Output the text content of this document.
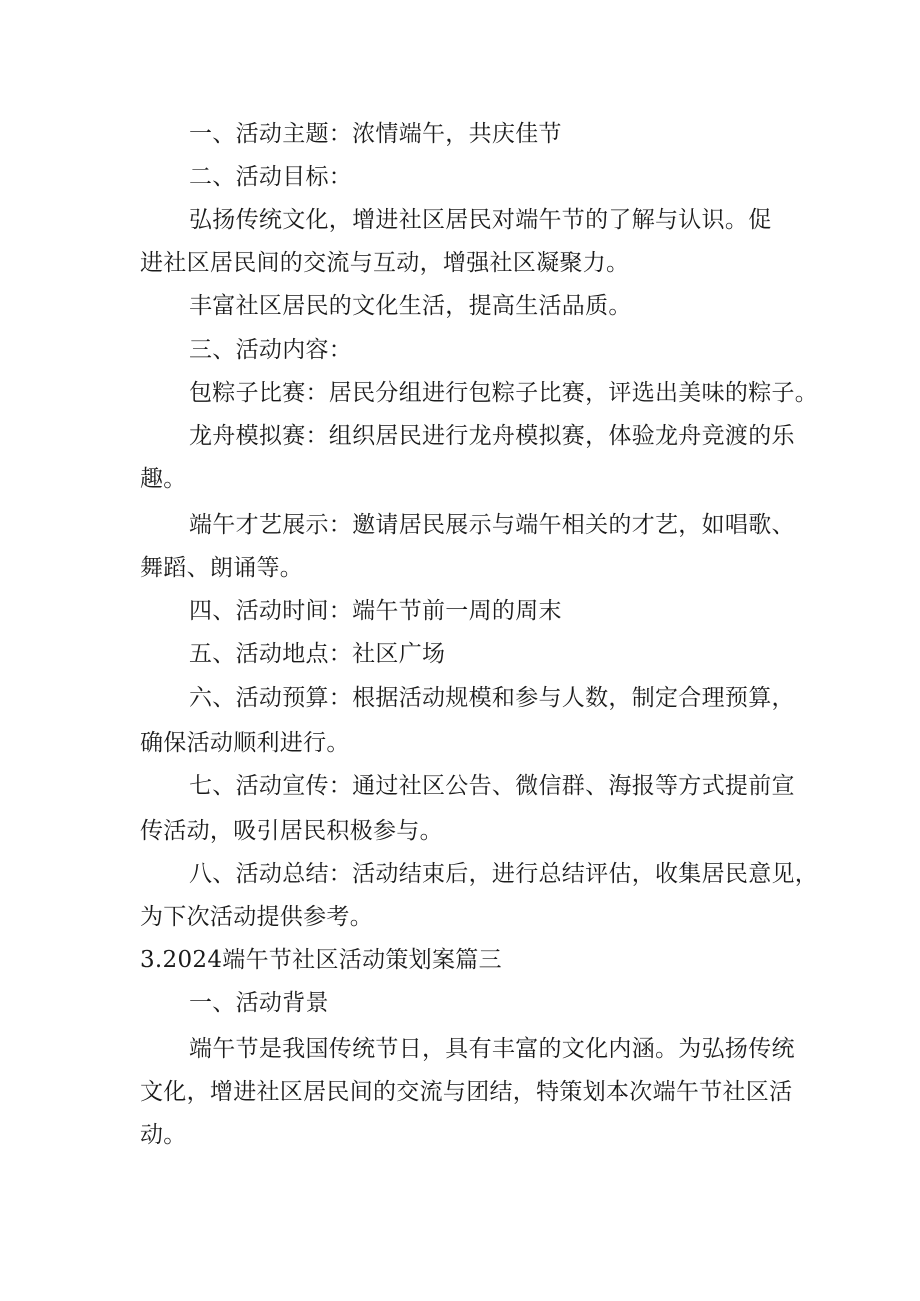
一、活动主题：浓情端午，共庆佳节

二、活动目标：

弘扬传统文化，增进社区居民对端午节的了解与认识。促

进社区居民间的交流与互动，增强社区凝聚力。

丰富社区居民的文化生活，提高生活品质。

三、活动内容：

包粽子比赛：居民分组进行包粽子比赛，评选出美味的粽子。

龙舟模拟赛：组织居民进行龙舟模拟赛，体验龙舟竞渡的乐

趣。

端午才艺展示：邀请居民展示与端午相关的才艺，如唱歌、

舞蹈、朗诵等。

四、活动时间：端午节前一周的周末

五、活动地点：社区广场

六、活动预算：根据活动规模和参与人数，制定合理预算，

确保活动顺利进行。

七、活动宣传：通过社区公告、微信群、海报等方式提前宣

传活动，吸引居民积极参与。

八、活动总结：活动结束后，进行总结评估，收集居民意见，

为下次活动提供参考。

3.2024端午节社区活动策划案篇三

一、活动背景

端午节是我国传统节日，具有丰富的文化内涵。为弘扬传统

文化，增进社区居民间的交流与团结，特策划本次端午节社区活

动。
